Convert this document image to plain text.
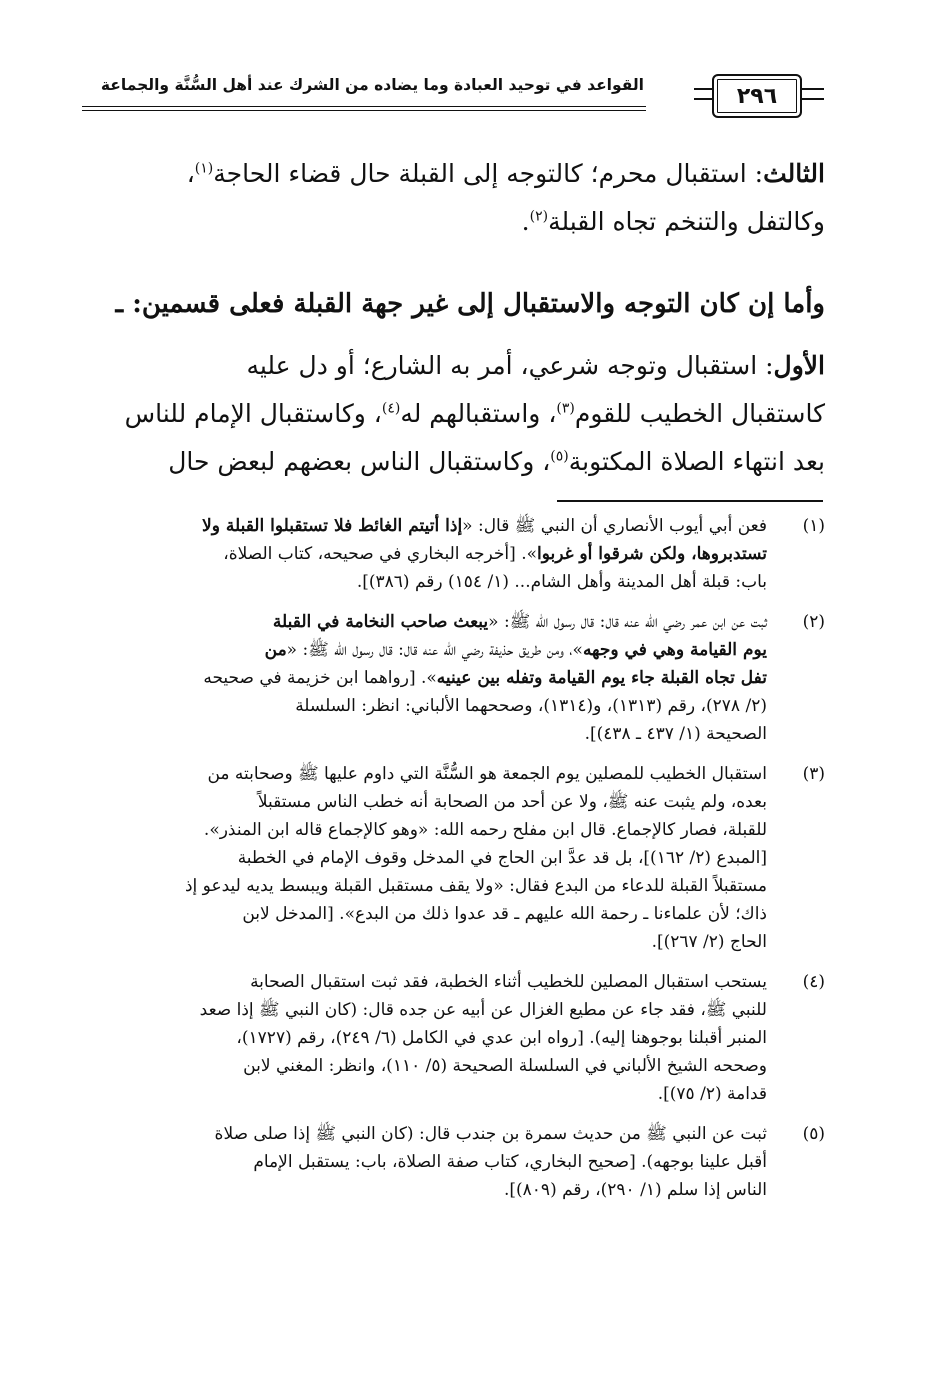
القواعد في توحيد العبادة وما يضاده من الشرك عند أهل السُّنَّة والجماعة	٢٩٦
الثالث: استقبال محرم؛ كالتوجه إلى القبلة حال قضاء الحاجة$^{(١)}$،
وكالتفل والتنخم تجاه القبلة$^{(٢)}$.
وأما إن كان التوجه والاستقبال إلى غير جهة القبلة فعلى قسمين: ـ
الأول: استقبال وتوجه شرعي، أمر به الشارع؛ أو دل عليه
كاستقبال الخطيب للقوم$^{(٣)}$، واستقبالهم له$^{(٤)}$، وكاستقبال الإمام للناس
بعد انتهاء الصلاة المكتوبة$^{(٥)}$، وكاستقبال الناس بعضهم لبعض حال
(١)
فعن أبي أيوب الأنصاري أن النبي ﷺ قال: «إذا أتيتم الغائط فلا تستقبلوا القبلة ولا
تستدبروها، ولكن شرقوا أو غربوا». [أخرجه البخاري في صحيحه، كتاب الصلاة،
باب: قبلة أهل المدينة وأهل الشام... (١/ ١٥٤) رقم (٣٨٦)].
(٢)
ثبت عن ابن عمر رضي الله عنه قال: قال رسول الله ﷺ: «يبعث صاحب النخامة في القبلة
يوم القيامة وهي في وجهه»، ومن طريق حذيفة رضي الله عنه قال: قال رسول الله ﷺ: «من
تفل تجاه القبلة جاء يوم القيامة وتفله بين عينيه». [رواهما ابن خزيمة في صحيحه
(٢/ ٢٧٨)، رقم (١٣١٣)، و(١٣١٤)، وصححهما الألباني: انظر: السلسلة
الصحيحة (١/ ٤٣٧ ـ ٤٣٨)].
(٣)
استقبال الخطيب للمصلين يوم الجمعة هو السُّنَّة التي داوم عليها ﷺ وصحابته من
بعده، ولم يثبت عنه ﷺ، ولا عن أحد من الصحابة أنه خطب الناس مستقبلاً
للقبلة، فصار كالإجماع. قال ابن مفلح رحمه الله: «وهو كالإجماع قاله ابن المنذر».
[المبدع (٢/ ١٦٢)]، بل قد عدَّ ابن الحاج في المدخل وقوف الإمام في الخطبة
مستقبلاً القبلة للدعاء من البدع فقال: «ولا يقف مستقبل القبلة ويبسط يديه ليدعو إذ
ذاك؛ لأن علماءنا ـ رحمة الله عليهم ـ قد عدوا ذلك من البدع». [المدخل لابن
الحاج (٢/ ٢٦٧)].
(٤)
يستحب استقبال المصلين للخطيب أثناء الخطبة، فقد ثبت استقبال الصحابة
للنبي ﷺ، فقد جاء عن مطيع الغزال عن أبيه عن جده قال: (كان النبي ﷺ إذا صعد
المنبر أقبلنا بوجوهنا إليه). [رواه ابن عدي في الكامل (٦/ ٢٤٩)، رقم (١٧٢٧)،
وصححه الشيخ الألباني في السلسلة الصحيحة (٥/ ١١٠)، وانظر: المغني لابن
قدامة (٢/ ٧٥)].
(٥)
ثبت عن النبي ﷺ من حديث سمرة بن جندب قال: (كان النبي ﷺ إذا صلى صلاة
أقبل علينا بوجهه). [صحيح البخاري، كتاب صفة الصلاة، باب: يستقبل الإمام
الناس إذا سلم (١/ ٢٩٠)، رقم (٨٠٩)].
